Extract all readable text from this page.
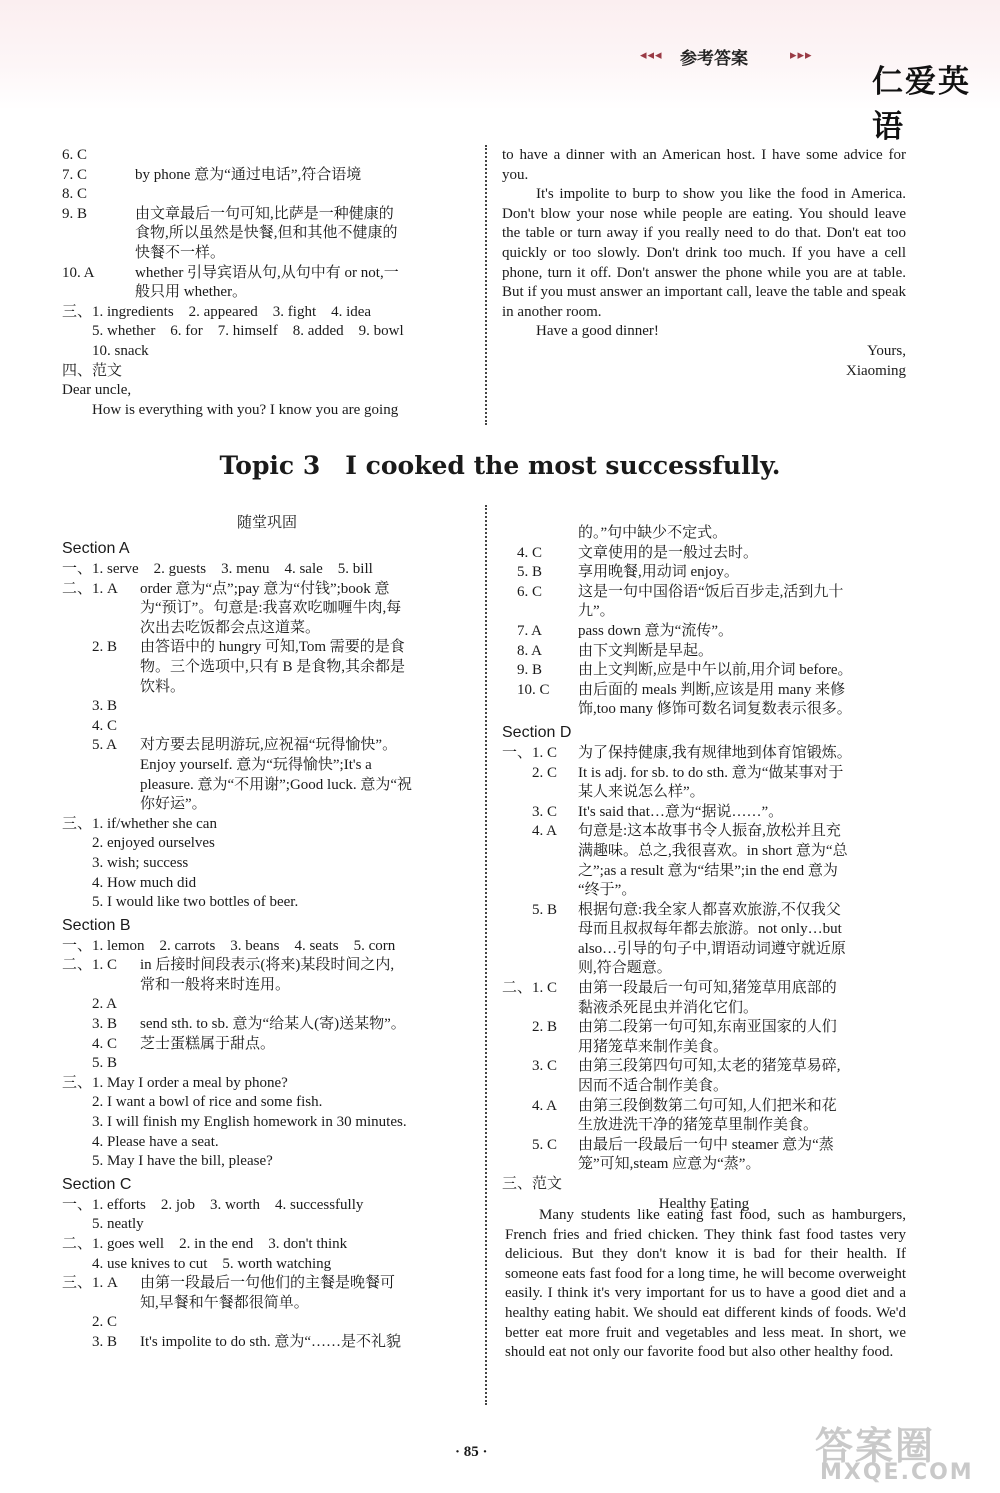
◂◂◂ 参考答案	▸▸▸
仁爱英语
6. C
7. C	by phone 意为“通过电话”,符合语境
8. C
9. B	由文章最后一句可知,比萨是一种健康的
食物,所以虽然是快餐,但和其他不健康的
快餐不一样。
10. A	whether 引导宾语从句,从句中有 or not,一
般只用 whether。
三、1. ingredients　2. appeared　3. fight　4. idea
　　5. whether　6. for　7. himself　8. added　9. bowl
　　10. snack
四、范文
Dear uncle,
　　How is everything with you? I know you are going
to have a dinner with an American host. I have some advice for you.
It's impolite to burp to show you like the food in America. Don't blow your nose while people are eating. You should leave the table or turn away if you really need to do that. Don't eat too quickly or too slowly. Don't drink too much. If you have a cell phone, turn it off. Don't answer the phone while you are at table. But if you must answer an important call, leave the table and speak in another room.
Have a good dinner!
Yours,
Xiaoming
Topic 3　I cooked the most successfully.
随堂巩固
Section A
一、1. serve　2. guests　3. menu　4. sale　5. bill
二、1. A order 意为“点”;pay 意为“付钱”;book 意
为“预订”。句意是:我喜欢吃咖喱牛肉,每
次出去吃饭都会点这道菜。
　　2. B 由答语中的 hungry 可知,Tom 需要的是食
物。三个选项中,只有 B 是食物,其余都是
饮料。
　　3. B
　　4. C
　　5. A 对方要去昆明游玩,应祝福“玩得愉快”。
Enjoy yourself. 意为“玩得愉快”;It's a
pleasure. 意为“不用谢”;Good luck. 意为“祝
你好运”。
三、1. if/whether she can
　　2. enjoyed ourselves
　　3. wish; success
　　4. How much did
　　5. I would like two bottles of beer.
Section B
一、1. lemon　2. carrots　3. beans　4. seats　5. corn
二、1. C in 后接时间段表示(将来)某段时间之内,
常和一般将来时连用。
　　2. A
　　3. B send sth. to sb. 意为“给某人(寄)送某物”。
　　4. C 芝士蛋糕属于甜点。
　　5. B
三、1. May I order a meal by phone?
　　2. I want a bowl of rice and some fish.
　　3. I will finish my English homework in 30 minutes.
　　4. Please have a seat.
　　5. May I have the bill, please?
Section C
一、1. efforts　2. job　3. worth　4. successfully
　　5. neatly
二、1. goes well　2. in the end　3. don't think
　　4. use knives to cut　5. worth watching
三、1. A 由第一段最后一句他们的主餐是晚餐可
知,早餐和午餐都很简单。
　　2. C
　　3. B It's impolite to do sth. 意为“……是不礼貌
的。”句中缺少不定式。
　4. C 文章使用的是一般过去时。
　5. B 享用晚餐,用动词 enjoy。
　6. C 这是一句中国俗语“饭后百步走,活到九十
九”。
　7. A pass down 意为“流传”。
　8. A 由下文判断是早起。
　9. B 由上文判断,应是中午以前,用介词 before。
　10. C 由后面的 meals 判断,应该是用 many 来修
饰,too many 修饰可数名词复数表示很多。
Section D
一、1. C 为了保持健康,我有规律地到体育馆锻炼。
　　2. C It is adj. for sb. to do sth. 意为“做某事对于
某人来说怎么样”。
　　3. C It's said that…意为“据说……”。
　　4. A 句意是:这本故事书令人振奋,放松并且充
满趣味。总之,我很喜欢。in short 意为“总
之”;as a result 意为“结果”;in the end 意为
“终于”。
　　5. B 根据句意:我全家人都喜欢旅游,不仅我父
母而且叔叔每年都去旅游。not only…but
also…引导的句子中,谓语动词遵守就近原
则,符合题意。
二、1. C 由第一段最后一句可知,猪笼草用底部的
黏液杀死昆虫并消化它们。
　　2. B 由第二段第一句可知,东南亚国家的人们
用猪笼草来制作美食。
　　3. C 由第三段第四句可知,太老的猪笼草易碎,
因而不适合制作美食。
　　4. A 由第三段倒数第二句可知,人们把米和花
生放进洗干净的猪笼草里制作美食。
　　5. C 由最后一段最后一句中 steamer 意为“蒸
笼”可知,steam 应意为“蒸”。
三、范文
Healthy Eating
Many students like eating fast food, such as hamburgers, French fries and fried chicken. They think fast food tastes very delicious. But they don't know it is bad for their health. If someone eats fast food for a long time, he will become overweight easily. I think it's very important for us to have a good diet and a healthy eating habit. We should eat different kinds of foods. We'd better eat more fruit and vegetables and less meat. In short, we should eat not only our favorite food but also other healthy food.
· 85 ·	答案圈
MXQE.COM
